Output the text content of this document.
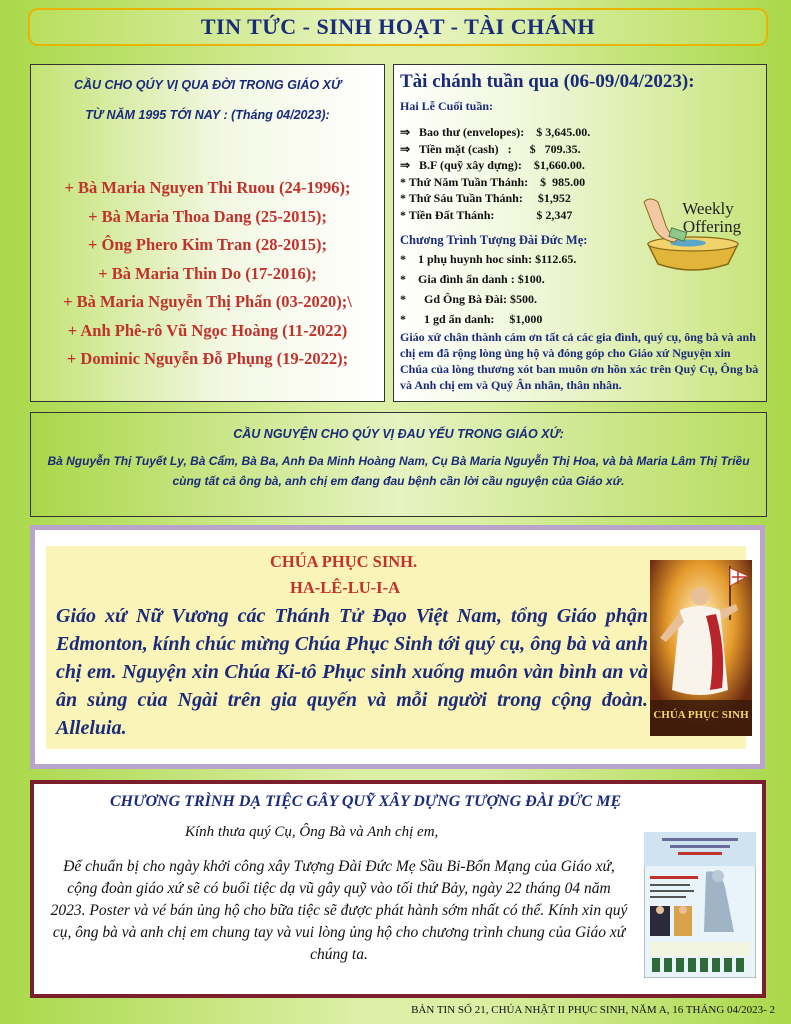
TIN TỨC - SINH HOẠT - TÀI CHÁNH
CẦU CHO QÚY VỊ QUA ĐỜI TRONG GIÁO XỨ
TỪ NĂM 1995 TỚI NAY : (Tháng 04/2023):
+ Bà Maria Nguyen Thi Ruou (24-1996);
+ Bà Maria Thoa Dang (25-2015);
+ Ông Phero Kim Tran (28-2015);
+ Bà Maria Thin Do (17-2016);
+ Bà Maria Nguyễn Thị Phấn (03-2020);\
+ Anh Phê-rô Vũ Ngọc Hoàng (11-2022)
+ Dominic Nguyễn Đỗ Phụng (19-2022);
Tài chánh tuần qua (06-09/04/2023):
Hai Lễ Cuối tuần:
⇒   Bao thư (envelopes):    $ 3,645.00.
⇒   Tiền mặt (cash)   :      $   709.35.
⇒   B.F (quỹ xây dựng):    $1,660.00.
* Thứ Năm Tuần Thánh:    $  985.00
* Thứ Sáu Tuần Thánh:     $1,952
* Tiền Đất Thánh:              $ 2,347
Chương Trình Tượng Đài Đức Mẹ:
*    1 phụ huynh hoc sinh: $112.65.
*    Gia đình ẩn danh : $100.
*      Gd Ông Bà Đài: $500.
*      1 gd ẩn danh:     $1,000
Giáo xứ chân thành cám ơn tất cả các gia đình, quý cụ, ông bà và anh chị em đã rộng lòng ủng hộ và đóng góp cho Giáo xứ Nguyện xin Chúa của lòng thương xót ban muôn ơn hồn xác trên Quý Cụ, Ông bà và Anh chị em và Quý Ân nhân, thân nhân.
Weekly
Offering
CẦU NGUYỆN CHO QÚY VỊ ĐAU YẾU TRONG GIÁO XỨ:
Bà Nguyễn Thị Tuyết Ly, Bà Cẩm, Bà Ba, Anh Đa Minh Hoàng Nam, Cụ Bà Maria Nguyễn Thị Hoa, và bà Maria Lâm Thị Triều cùng tất cả ông bà, anh chị em đang đau bệnh cần lời cầu nguyện của Giáo xứ.
CHÚA PHỤC SINH.
HA-LÊ-LU-I-A
Giáo xứ Nữ Vương các Thánh Tử Đạo Việt Nam, tổng Giáo phận Edmonton, kính chúc mừng Chúa Phục Sinh tới quý cụ, ông bà và anh chị em. Nguyện xin Chúa Ki-tô Phục sinh xuống muôn vàn bình an và ân sủng của Ngài trên gia quyến và mỗi người trong cộng đoàn. Alleluia.
CHÚA PHỤC SINH
CHƯƠNG TRÌNH DẠ TIỆC GÂY QUỸ XÂY DỰNG TƯỢNG ĐÀI ĐỨC MẸ
Kính thưa quý Cụ, Ông Bà và Anh chị em,
Để chuẩn bị cho ngày khởi công xây Tượng Đài Đức Mẹ Sầu Bi-Bổn Mạng của Giáo xứ, cộng đoàn giáo xứ sẽ có buổi tiệc dạ vũ gây quỹ vào tối thứ Bảy, ngày 22 tháng 04 năm 2023. Poster và vé bán ủng hộ cho bữa tiệc sẽ được phát hành sớm nhất có thể. Kính xin quý cụ, ông bà và anh chị em chung tay và vui lòng ủng hộ cho chương trình chung của Giáo xứ chúng ta.
BẢN TIN SỐ 21, CHÚA NHẬT II PHỤC SINH, NĂM A, 16 THÁNG 04/2023- 2
